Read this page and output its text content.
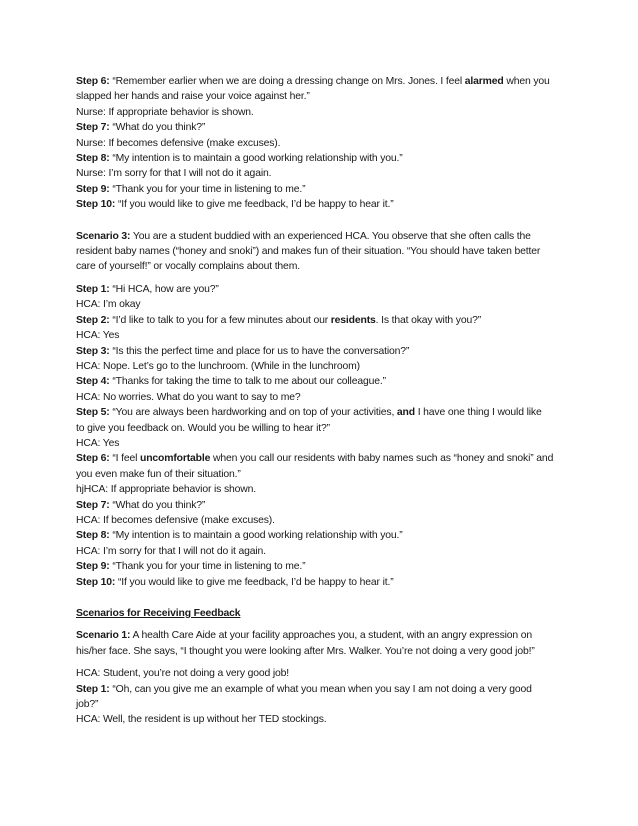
Step 6: “Remember earlier when we are doing a dressing change on Mrs. Jones. I feel alarmed when you
slapped her hands and raise your voice against her.”
Nurse: If appropriate behavior is shown.
Step 7: “What do you think?”
Nurse: If becomes defensive (make excuses).
Step 8: “My intention is to maintain a good working relationship with you.”
Nurse: I’m sorry for that I will not do it again.
Step 9: “Thank you for your time in listening to me.”
Step 10: “If you would like to give me feedback, I’d be happy to hear it.”
Scenario 3: You are a student buddied with an experienced HCA. You observe that she often calls the
resident baby names (“honey and snoki”) and makes fun of their situation. “You should have taken better
care of yourself!” or vocally complains about them.
Step 1: “Hi HCA, how are you?”
HCA: I’m okay
Step 2: “I’d like to talk to you for a few minutes about our residents. Is that okay with you?”
HCA: Yes
Step 3: “Is this the perfect time and place for us to have the conversation?”
HCA: Nope. Let’s go to the lunchroom. (While in the lunchroom)
Step 4: “Thanks for taking the time to talk to me about our colleague.”
HCA: No worries. What do you want to say to me?
Step 5: “You are always been hardworking and on top of your activities, and I have one thing I would like
to give you feedback on. Would you be willing to hear it?”
HCA: Yes
Step 6: “I feel uncomfortable when you call our residents with baby names such as “honey and snoki” and
you even make fun of their situation.”
hjHCA: If appropriate behavior is shown.
Step 7: “What do you think?”
HCA: If becomes defensive (make excuses).
Step 8: “My intention is to maintain a good working relationship with you.”
HCA: I’m sorry for that I will not do it again.
Step 9: “Thank you for your time in listening to me.”
Step 10: “If you would like to give me feedback, I’d be happy to hear it.”
Scenarios for Receiving Feedback
Scenario 1: A health Care Aide at your facility approaches you, a student, with an angry expression on
his/her face. She says, “I thought you were looking after Mrs. Walker. You’re not doing a very good job!”
HCA: Student, you’re not doing a very good job!
Step 1: “Oh, can you give me an example of what you mean when you say I am not doing a very good
job?”
HCA: Well, the resident is up without her TED stockings.
